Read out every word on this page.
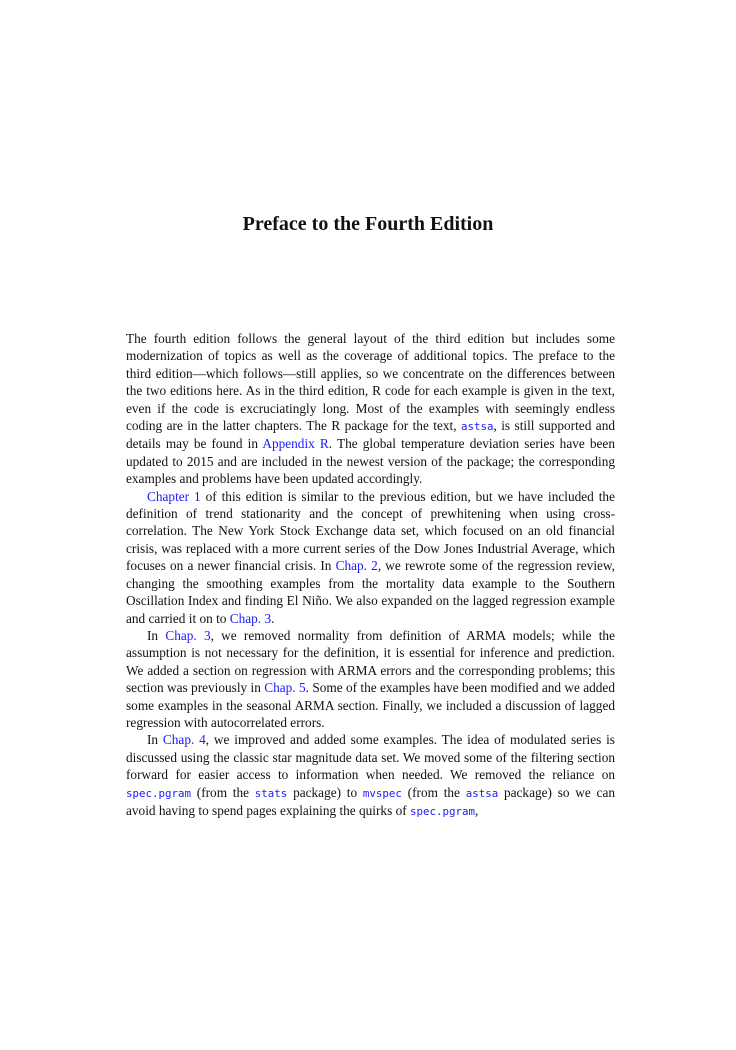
Preface to the Fourth Edition

The fourth edition follows the general layout of the third edition but includes some modernization of topics as well as the coverage of additional topics. The preface to the third edition—which follows—still applies, so we concentrate on the differences between the two editions here. As in the third edition, R code for each example is given in the text, even if the code is excruciatingly long. Most of the examples with seemingly endless coding are in the latter chapters. The R package for the text, astsa, is still supported and details may be found in Appendix R. The global temperature deviation series have been updated to 2015 and are included in the newest version of the package; the corresponding examples and problems have been updated accordingly.

Chapter 1 of this edition is similar to the previous edition, but we have included the definition of trend stationarity and the concept of prewhitening when using cross-correlation. The New York Stock Exchange data set, which focused on an old financial crisis, was replaced with a more current series of the Dow Jones Industrial Average, which focuses on a newer financial crisis. In Chap. 2, we rewrote some of the regression review, changing the smoothing examples from the mortality data example to the Southern Oscillation Index and finding El Niño. We also expanded on the lagged regression example and carried it on to Chap. 3.

In Chap. 3, we removed normality from definition of ARMA models; while the assumption is not necessary for the definition, it is essential for inference and prediction. We added a section on regression with ARMA errors and the corresponding problems; this section was previously in Chap. 5. Some of the examples have been modified and we added some examples in the seasonal ARMA section. Finally, we included a discussion of lagged regression with autocorrelated errors.

In Chap. 4, we improved and added some examples. The idea of modulated series is discussed using the classic star magnitude data set. We moved some of the filtering section forward for easier access to information when needed. We removed the reliance on spec.pgram (from the stats package) to mvspec (from the astsa package) so we can avoid having to spend pages explaining the quirks of spec.pgram,
